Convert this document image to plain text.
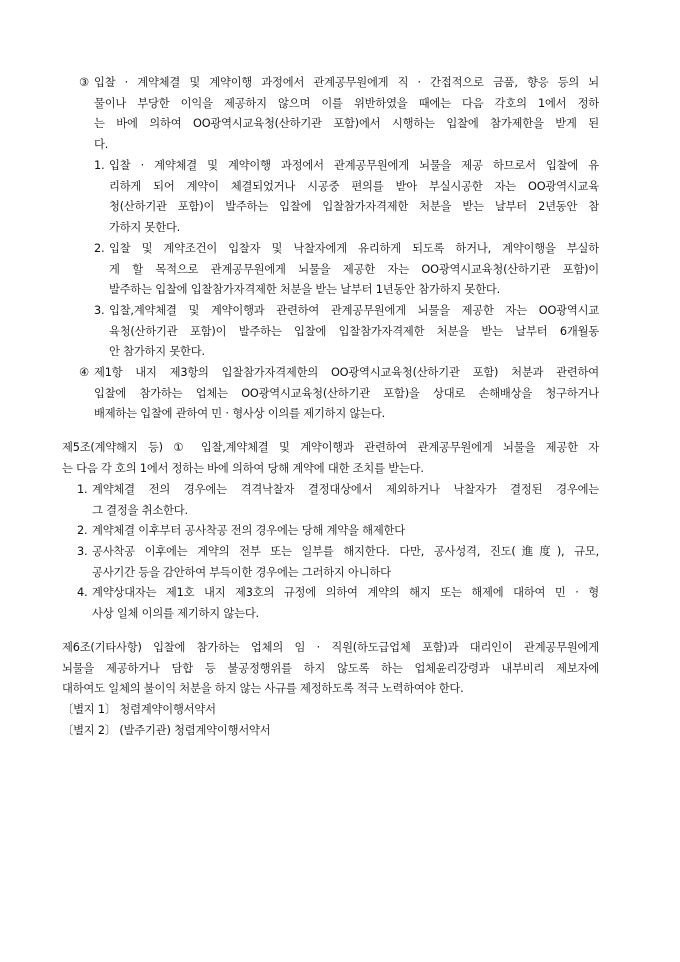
③ 입찰 · 계약체결 및 계약이행 과정에서 관계공무원에게 직 · 간접적으로 금품, 향응 등의 뇌
물이나 부당한 이익을 제공하지 않으며 이를 위반하였을 때에는 다음 각호의 1에서 정하
는 바에 의하여 OO광역시교육청(산하기관 포함)에서 시행하는 입찰에 참가제한을 받게 된
다.
1. 입찰 · 계약체결 및 계약이행 과정에서 관계공무원에게 뇌물을 제공 하므로서 입찰에 유
리하게 되어 계약이 체결되었거나 시공중 편의를 받아 부실시공한 자는 OO광역시교육
청(산하기관 포함)이 발주하는 입찰에 입찰참가자격제한 처분을 받는 날부터 2년동안 참
가하지 못한다.
2. 입찰 및 계약조건이 입찰자 및 낙찰자에게 유리하게 되도록 하거나, 계약이행을 부실하
게 할 목적으로 관계공무원에게 뇌물을 제공한 자는 OO광역시교육청(산하기관 포함)이
발주하는 입찰에 입찰참가자격제한 처분을 받는 날부터 1년동안 참가하지 못한다.
3. 입찰,계약체결 및 계약이행과 관련하여 관계공무원에게 뇌물을 제공한 자는 OO광역시교
육청(산하기관 포함)이 발주하는 입찰에 입찰참가자격제한 처분을 받는 날부터 6개월동
안 참가하지 못한다.
④ 제1항 내지 제3항의 입찰참가자격제한의 OO광역시교육청(산하기관 포함) 처분과 관련하여
입찰에 참가하는 업체는 OO광역시교육청(산하기관 포함)을 상대로 손해배상을 청구하거나
배제하는 입찰에 관하여 민 · 형사상 이의를 제기하지 않는다.
제5조(계약해지 등) ① 입찰,계약체결 및 계약이행과 관련하여 관계공무원에게 뇌물을 제공한 자
는 다음 각 호의 1에서 정하는 바에 의하여 당해 계약에 대한 조치를 받는다.
1. 계약체결 전의 경우에는 격격낙찰자 결정대상에서 제외하거나 낙찰자가 결정된 경우에는
그 결정을 취소한다.
2. 계약체결 이후부터 공사착공 전의 경우에는 당해 계약을 해제한다
3. 공사착공 이후에는 계약의 전부 또는 일부를 해지한다. 다만, 공사성격, 진도(進度), 규모,
공사기간 등을 감안하여 부득이한 경우에는 그러하지 아니하다
4. 계약상대자는 제1호 내지 제3호의 규정에 의하여 계약의 해지 또는 해제에 대하여 민 · 형
사상 일체 이의를 제기하지 않는다.
제6조(기타사항) 입찰에 참가하는 업체의 임 · 직원(하도급업체 포함)과 대리인이 관계공무원에게
뇌물을 제공하거나 담합 등 불공정행위를 하지 않도록 하는 업체윤리강령과 내부비리 제보자에
대하여도 일체의 불이익 처분을 하지 않는 사규를 제정하도록 적극 노력하여야 한다.
〔별지 1〕 청렴계약이행서약서
〔별지 2〕 (발주기관) 청렴계약이행서약서
